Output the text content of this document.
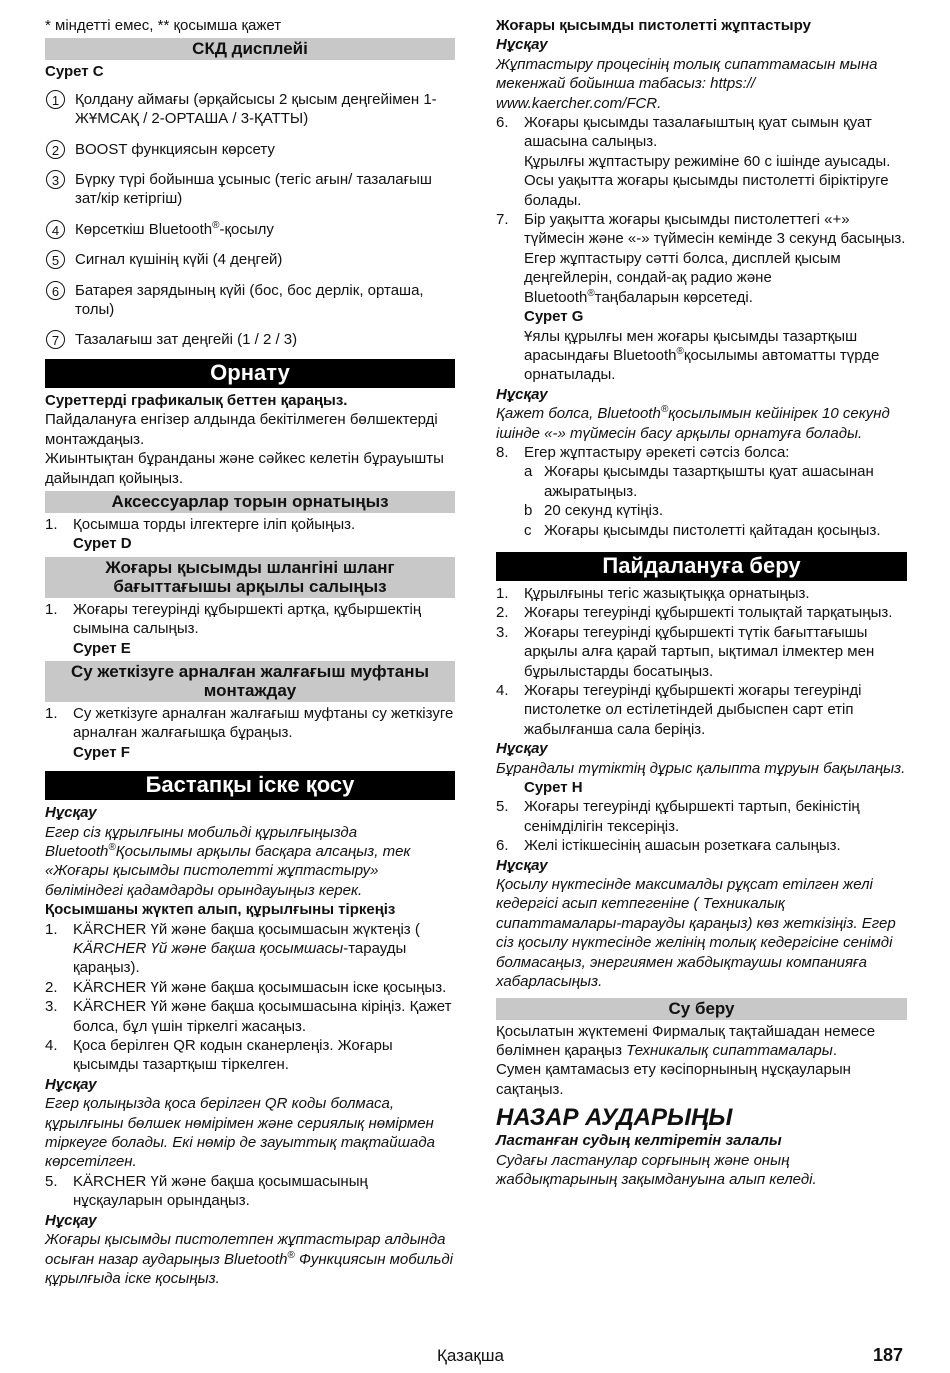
* міндетті емес, ** қосымша қажет

СКД дисплейі

Сурет C

1	Қолдану аймағы (әрқайсысы 2 қысым деңгейімен 1-ЖҰМСАҚ / 2-ОРТАША / 3-ҚАТТЫ)
2	BOOST функциясын көрсету
3	Бүрку түрі бойынша ұсыныс (тегіс ағын/ тазалағыш зат/кір кетіргіш)
4	Көрсеткіш Bluetooth®-қосылу
5	Сигнал күшінің күйі (4 деңгей)
6	Батарея зарядының күйі (бос, бос дерлік, орташа, толы)
7	Тазалағыш зат деңгейі (1 / 2 / 3)
Орнату

Суреттерді графикалық беттен қараңыз.

Пайдалануға енгізер алдында бекітілмеген бөлшектерді монтаждаңыз.

Жиынтықтан бұранданы және сәйкес келетін бұрауышты дайындап қойыңыз.

Аксессуарлар торын орнатыңыз
1.	Қосымша торды ілгектерге іліп қойыңыз.

Сурет D

Жоғары қысымды шлангіні шланг бағыттағышы арқылы салыңыз
1.	Жоғары тегеурінді құбыршекті артқа, құбыршектің сымына салыңыз.

Сурет E

Су жеткізуге арналған жалғағыш муфтаны монтаждау
1.	Су жеткізуге арналған жалғағыш муфтаны су жеткізуге арналған жалғағышқа бұраңыз.

Сурет F

Бастапқы іске қосу

Нұсқау

Егер сіз құрылғыны мобильді құрылғыңызда Bluetooth®Қосылымы арқылы басқара алсаңыз, тек «Жоғары қысымды пистолетті жұптастыру» бөліміндегі қадамдарды орындауыңыз керек.

Қосымшаны жүктеп алып, құрылғыны тіркеңіз

1.	KÄRCHER Үй және бақша қосымшасын жүктеңіз ( KÄRCHER Үй және бақша қосымшасы-тарауды қараңыз).
2.	KÄRCHER Үй және бақша қосымшасын іске қосыңыз.
3.	KÄRCHER Үй және бақша қосымшасына кіріңіз. Қажет болса, бұл үшін тіркелгі жасаңыз.
4.	Қоса берілген QR кодын сканерлеңіз. Жоғары қысымды тазартқыш тіркелген.

Нұсқау

Егер қолыңызда қоса берілген QR коды болмаса, құрылғыны бөлшек нөмірімен және сериялық нөмірмен тіркеуге болады. Екі нөмір де зауыттық тақтайшада көрсетілген.

5.	KÄRCHER Үй және бақша қосымшасының нұсқауларын орындаңыз.

Нұсқау

Жоғары қысымды пистолетпен жұптастырар алдында осыған назар аударыңыз Bluetooth® Функциясын мобильді құрылғыда іске қосыңыз.

Жоғары қысымды пистолетті жұптастыру

Нұсқау

Жұптастыру процесінің толық сипаттамасын мына мекенжай бойынша табасыз: https:// www.kaercher.com/FCR.

6.	Жоғары қысымды тазалағыштың қуат сымын қуат ашасына салыңыз.

Құрылғы жұптастыру режиміне 60 с ішінде ауысады. Осы уақытта жоғары қысымды пистолетті біріктіруге болады.

7.	Бір уақытта жоғары қысымды пистолеттегі «+» түймесін және «-» түймесін кемінде 3 секунд басыңыз.

Егер жұптастыру сәтті болса, дисплей қысым деңгейлерін, сондай-ақ радио және Bluetooth®таңбаларын көрсетеді.

Сурет G

Ұялы құрылғы мен жоғары қысымды тазартқыш арасындағы Bluetooth®қосылымы автоматты түрде орнатылады.

Нұсқау

Қажет болса, Bluetooth®қосылымын кейінірек 10 секунд ішінде «-» түймесін басу арқылы орнатуға болады.

8.	Егер жұптастыру әрекеті сәтсіз болса:
a Жоғары қысымды тазартқышты қуат ашасынан ажыратыңыз.
b 20 секунд күтіңіз.
c Жоғары қысымды пистолетті қайтадан қосыңыз.
Пайдалануға беру
1.	Құрылғыны тегіс жазықтыққа орнатыңыз.
2.	Жоғары тегеурінді құбыршекті толықтай тарқатыңыз.
3.	Жоғары тегеурінді құбыршекті түтік бағыттағышы арқылы алға қарай тартып, ықтимал ілмектер мен бұрылыстарды босатыңыз.
4.	Жоғары тегеурінді құбыршекті жоғары тегеурінді пистолетке ол естілетіндей дыбыспен сарт етіп жабылғанша сала беріңіз.

Нұсқау

Бұрандалы түтіктің дұрыс қалыпта тұруын бақылаңыз.

Сурет H

5.	Жоғары тегеурінді құбыршекті тартып, бекіністің сенімділігін тексеріңіз.
6.	Желі істікшесінің ашасын розеткаға салыңыз.

Нұсқау

Қосылу нүктесінде максималды рұқсат етілген желі кедергісі асып кетпегеніне ( Техникалық сипаттамалары-тарауды қараңыз) көз жеткізіңіз. Егер сіз қосылу нүктесінде желінің толық кедергісіне сенімді болмасаңыз, энергиямен жабдықтаушы компанияға хабарласыңыз.

Су беру

Қосылатын жүктемені Фирмалық тақтайшадан немесе бөлімнен қараңыз Техникалық сипаттамалары.

Сумен қамтамасыз ету кәсіпорнының нұсқауларын сақтаңыз.

НАЗАР АУДАРЫҢЫ

Ластанған судың келтіретін залалы

Судағы ластанулар сорғының және оның жабдықтарының зақымдануына алып келеді.

Қазақша	187
